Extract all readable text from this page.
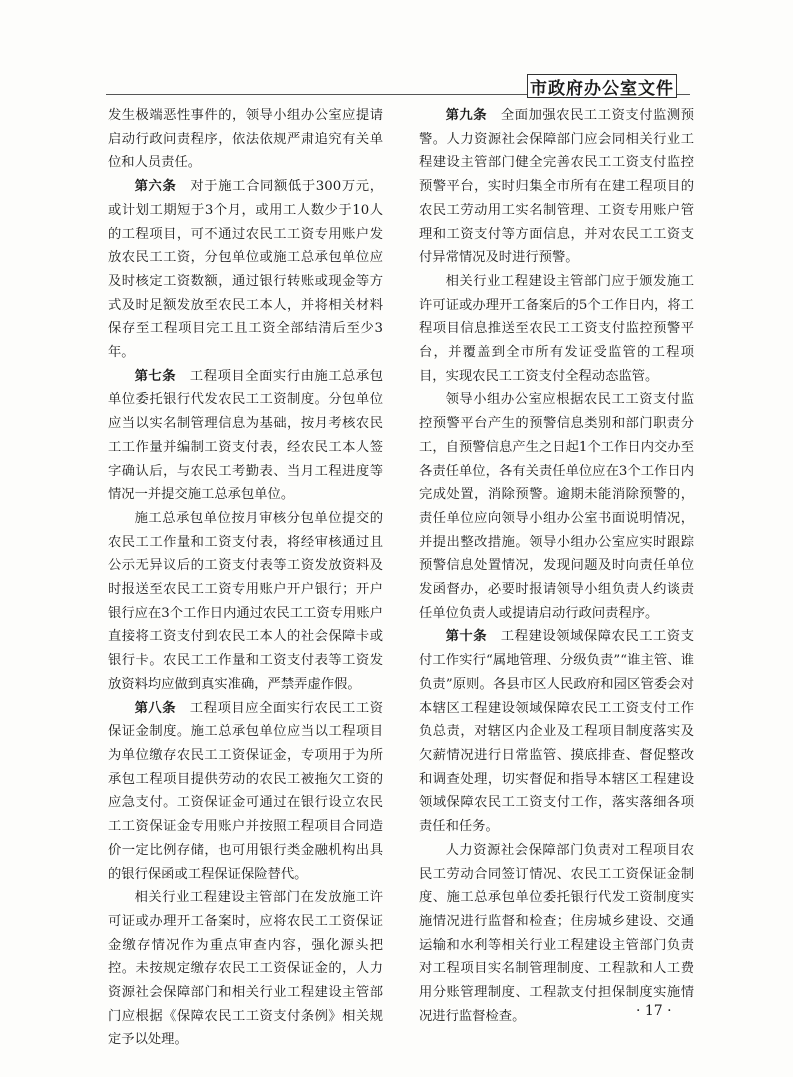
市政府办公室文件

发生极端恶性事件的，领导小组办公室应提请启动行政问责程序，依法依规严肃追究有关单位和人员责任。

第六条　对于施工合同额低于300万元，或计划工期短于3个月，或用工人数少于10人的工程项目，可不通过农民工工资专用账户发放农民工工资，分包单位或施工总承包单位应及时核定工资数额，通过银行转账或现金等方式及时足额发放至农民工本人，并将相关材料保存至工程项目完工且工资全部结清后至少3年。

第七条　工程项目全面实行由施工总承包单位委托银行代发农民工工资制度。分包单位应当以实名制管理信息为基础，按月考核农民工工作量并编制工资支付表，经农民工本人签字确认后，与农民工考勤表、当月工程进度等情况一并提交施工总承包单位。

施工总承包单位按月审核分包单位提交的农民工工作量和工资支付表，将经审核通过且公示无异议后的工资支付表等工资发放资料及时报送至农民工工资专用账户开户银行；开户银行应在3个工作日内通过农民工工资专用账户直接将工资支付到农民工本人的社会保障卡或银行卡。农民工工作量和工资支付表等工资发放资料均应做到真实准确，严禁弄虚作假。

第八条　工程项目应全面实行农民工工资保证金制度。施工总承包单位应当以工程项目为单位缴存农民工工资保证金，专项用于为所承包工程项目提供劳动的农民工被拖欠工资的应急支付。工资保证金可通过在银行设立农民工工资保证金专用账户并按照工程项目合同造价一定比例存储，也可用银行类金融机构出具的银行保函或工程保证保险替代。

相关行业工程建设主管部门在发放施工许可证或办理开工备案时，应将农民工工资保证金缴存情况作为重点审查内容，强化源头把控。未按规定缴存农民工工资保证金的，人力资源社会保障部门和相关行业工程建设主管部门应根据《保障农民工工资支付条例》相关规定予以处理。

第九条　全面加强农民工工资支付监测预警。人力资源社会保障部门应会同相关行业工程建设主管部门健全完善农民工工资支付监控预警平台，实时归集全市所有在建工程项目的农民工劳动用工实名制管理、工资专用账户管理和工资支付等方面信息，并对农民工工资支付异常情况及时进行预警。

相关行业工程建设主管部门应于颁发施工许可证或办理开工备案后的5个工作日内，将工程项目信息推送至农民工工资支付监控预警平台，并覆盖到全市所有发证受监管的工程项目，实现农民工工资支付全程动态监管。

领导小组办公室应根据农民工工资支付监控预警平台产生的预警信息类别和部门职责分工，自预警信息产生之日起1个工作日内交办至各责任单位，各有关责任单位应在3个工作日内完成处置，消除预警。逾期未能消除预警的，责任单位应向领导小组办公室书面说明情况，并提出整改措施。领导小组办公室应实时跟踪预警信息处置情况，发现问题及时向责任单位发函督办，必要时报请领导小组负责人约谈责任单位负责人或提请启动行政问责程序。

第十条　工程建设领域保障农民工工资支付工作实行“属地管理、分级负责”“谁主管、谁负责”原则。各县市区人民政府和园区管委会对本辖区工程建设领域保障农民工工资支付工作负总责，对辖区内企业及工程项目制度落实及欠薪情况进行日常监管、摸底排查、督促整改和调查处理，切实督促和指导本辖区工程建设领域保障农民工工资支付工作，落实落细各项责任和任务。

人力资源社会保障部门负责对工程项目农民工劳动合同签订情况、农民工工资保证金制度、施工总承包单位委托银行代发工资制度实施情况进行监督和检查；住房城乡建设、交通运输和水利等相关行业工程建设主管部门负责对工程项目实名制管理制度、工程款和人工费用分账管理制度、工程款支付担保制度实施情况进行监督检查。	· 17 ·
